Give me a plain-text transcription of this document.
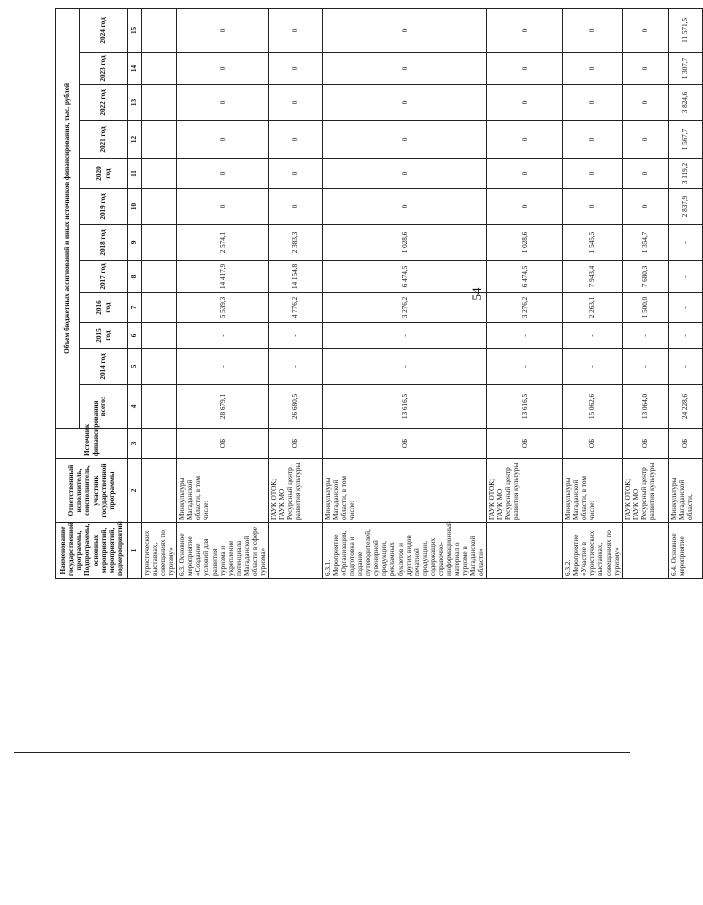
Наименование государственной программы, Подпрограммы, основных мероприятий, мероприятий, подмероприятий	Ответственный исполнитель, соисполнитель, участник государственной программы	Источник финансирования	Объем бюджетных ассигнований и иных источников финансирования, тыс. рублей											
			всего:	2014 год	2015 год	2016 год	2017 год	2018 год	2019 год	2020 год	2021 год	2022 год	2023 год	2024 год
1	2	3	4	5	6	7	8	9	10	11	12	13	14	15
туристических выставках, совещаниях по туризму»														
6.3. Основное мероприятие «Создание условий для развития туризма и укрепление потенциала Магаданской области в сфере туризма»	Минкультуры Магаданской области, в том числе:	ОБ	28 679,1	-	-	5 539,3	14 417,9	2 574,1	0	0	0	0	0	0
	ГАУК ОТОК; ГАУК МО Ресурсный центр развития культуры	ОБ	26 680,5	-	-	4 776,2	14 154,8	2 383,3	0	0	0	0	0	0
6.3.1. Мероприятие «Организация, подготовка и издание путеводителей, сувенирной продукции, рекламных буклетов и других видов печатной продукции, содержащих справочно-информационный материал о туризме в Магаданской области»	Минкультуры Магаданской области, в том числе:	ОБ	13 616,5	-	-	3 276,2	6 474,5	1 028,6	0	0	0	0	0	0
	ГАУК ОТОК; ГАУК МО Ресурсный центр развития культуры	ОБ	13 616,5	-	-	3 276,2	6 474,5	1 028,6	0	0	0	0	0	0
6.3.2. Мероприятие «Участие в туристических выставках, совещаниях по туризму»	Минкультуры Магаданской области, в том числе:	ОБ	15 062,6	-	-	2 263,1	7 943,4	1 545,5	0	0	0	0	0	0
	ГАУК ОТОК; ГАУК МО Ресурсный центр развития культуры	ОБ	13 064,0	-	-	1 500,0	7 680,3	1 354,7	0	0	0	0	0	0
6.4. Основное мероприятие	Минкультуры Магаданской области,	ОБ	24 228,6	-	-	-	-	-	2 837,9	3 119,2	1 567,7	3 824,6	1 307,7	11 571,5
54
